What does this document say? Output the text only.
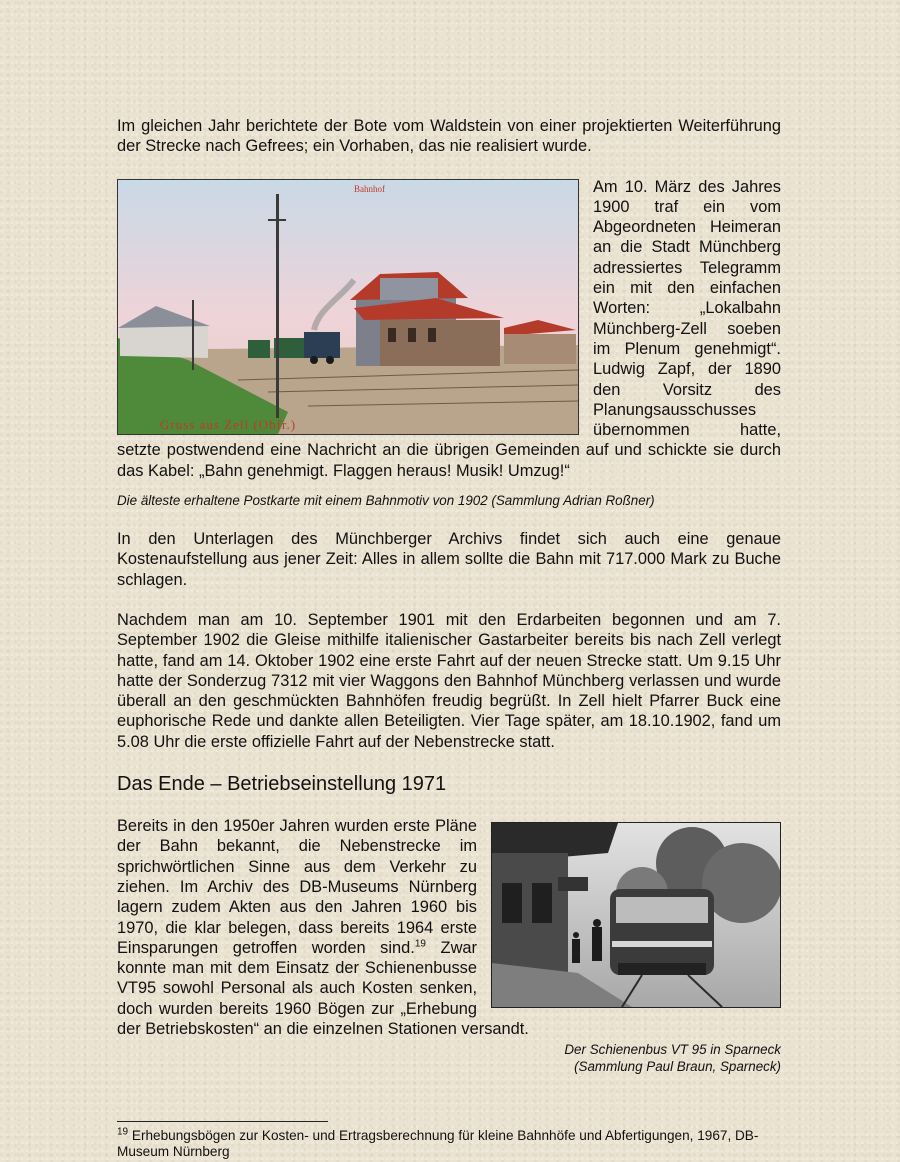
Im gleichen Jahr berichtete der Bote vom Waldstein von einer projektierten Weiterführung der Strecke nach Gefrees; ein Vorhaben, das nie realisiert wurde.

Bahnhof
Gruss aus Zell (Obfr.)
Am 10. März des Jahres 1900 traf ein vom Abgeordneten Heimeran an die Stadt Münchberg adressiertes Telegramm ein mit den einfachen Worten: „Lokalbahn Münchberg-Zell soeben im Plenum genehmigt“. Ludwig Zapf, der 1890 den Vorsitz des Planungsausschusses übernommen hatte, setzte postwendend eine Nachricht an die übrigen Gemeinden auf und schickte sie durch das Kabel: „Bahn genehmigt. Flaggen heraus! Musik! Umzug!“

Die älteste erhaltene Postkarte mit einem Bahnmotiv von 1902 (Sammlung Adrian Roßner)

In den Unterlagen des Münchberger Archivs findet sich auch eine genaue Kostenaufstellung aus jener Zeit: Alles in allem sollte die Bahn mit 717.000 Mark zu Buche schlagen.

Nachdem man am 10. September 1901 mit den Erdarbeiten begonnen und am 7. September 1902 die Gleise mithilfe italienischer Gastarbeiter bereits bis nach Zell verlegt hatte, fand am 14. Oktober 1902 eine erste Fahrt auf der neuen Strecke statt. Um 9.15 Uhr hatte der Sonderzug 7312 mit vier Waggons den Bahnhof Münchberg verlassen und wurde überall an den geschmückten Bahnhöfen freudig begrüßt. In Zell hielt Pfarrer Buck eine euphorische Rede und dankte allen Beteiligten. Vier Tage später, am 18.10.1902, fand um 5.08 Uhr die erste offizielle Fahrt auf der Nebenstrecke statt.

Das Ende – Betriebseinstellung 1971

Bereits in den 1950er Jahren wurden erste Pläne der Bahn bekannt, die Nebenstrecke im sprichwörtlichen Sinne aus dem Verkehr zu ziehen. Im Archiv des DB-Museums Nürnberg lagern zudem Akten aus den Jahren 1960 bis 1970, die klar belegen, dass bereits 1964 erste Einsparungen getroffen worden sind.$^{19}$ Zwar konnte man mit dem Einsatz der Schienenbusse VT95 sowohl Personal als auch Kosten senken, doch wurden bereits 1960 Bögen zur „Erhebung der Betriebskosten“ an die einzelnen Stationen versandt.

Der Schienenbus VT 95 in Sparneck
(Sammlung Paul Braun, Sparneck)
$^{19}$ Erhebungsbögen zur Kosten- und Ertragsberechnung für kleine Bahnhöfe und Abfertigungen, 1967, DB-Museum Nürnberg
